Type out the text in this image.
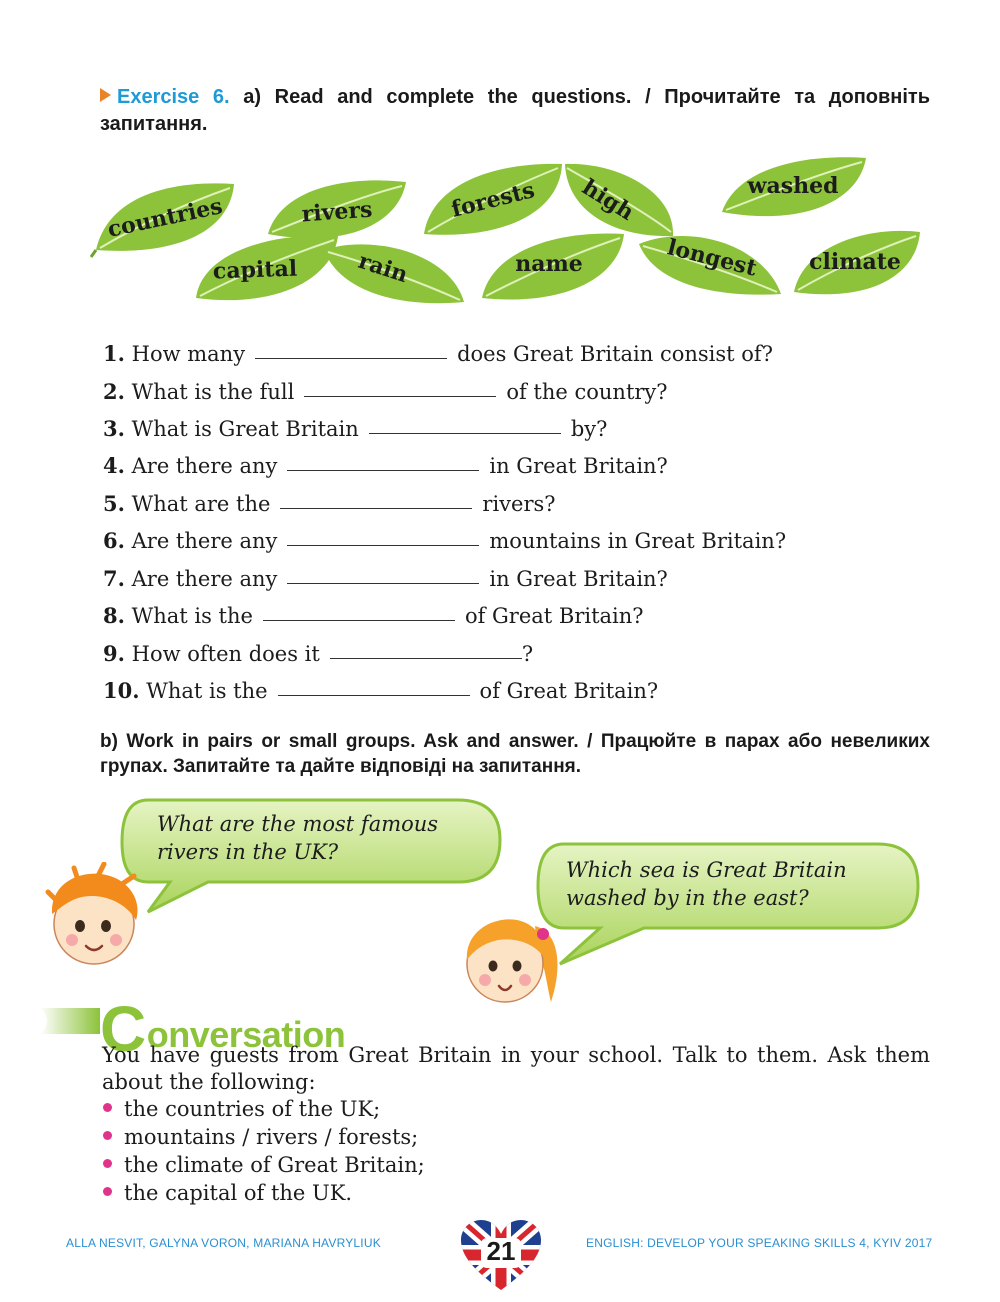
Exercise 6. a) Read and complete the questions. / Прочитайте та доповніть запитання.
countries	rivers	forests	high	washed
capital	rain	name	longest	climate
1. How many	does Great Britain consist of?
2. What is the full	of the country?
3. What is Great Britain	by?
4. Are there any	in Great Britain?
5. What are the	rivers?
6. Are there any	mountains in Great Britain?
7. Are there any	in Great Britain?
8. What is the	of Great Britain?
9. How often does it	?
10. What is the	of Great Britain?
b) Work in pairs or small groups. Ask and answer. / Працюйте в парах або невеликих групах. Запитайте та дайте відповіді на запитання.
What are the most famous
rivers in the UK?
Which sea is Great Britain
washed by in the east?
Conversation
You have guests from Great Britain in your school. Talk to them. Ask them about the following:
the countries of the UK;
mountains / rivers / forests;
the climate of Great Britain;
the capital of the UK.
ALLA NESVIT, GALYNA VORON, MARIANA HAVRYLIUK	ENGLISH: DEVELOP YOUR SPEAKING SKILLS 4, KYIV 2017
21
